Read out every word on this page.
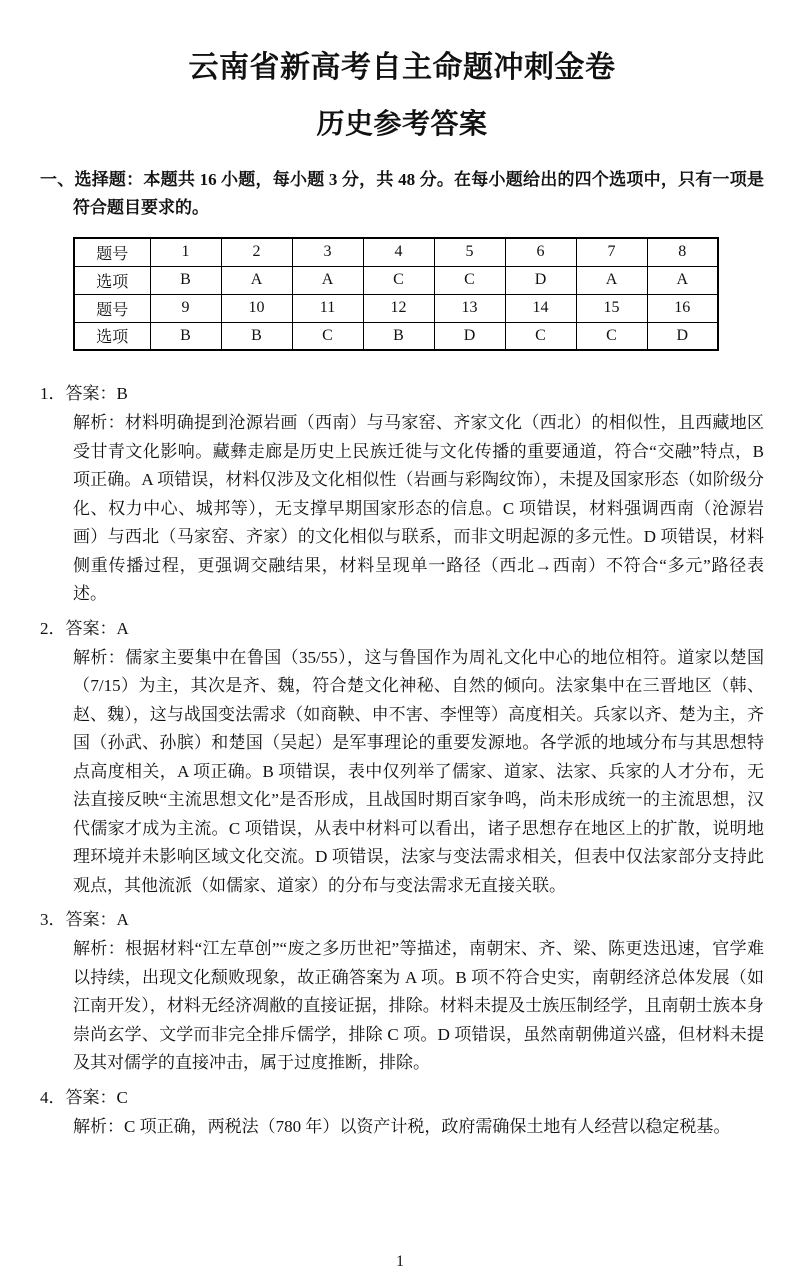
云南省新高考自主命题冲刺金卷
历史参考答案

一、选择题：本题共 16 小题，每小题 3 分，共 48 分。在每小题给出的四个选项中，只有一项是符合题目要求的。

题号	1	2	3	4	5	6	7	8
选项	B	A	A	C	C	D	A	A
题号	9	10	11	12	13	14	15	16
选项	B	B	C	B	D	C	C	D
1．答案：B

解析：材料明确提到沧源岩画（西南）与马家窑、齐家文化（西北）的相似性，且西藏地区受甘青文化影响。藏彝走廊是历史上民族迁徙与文化传播的重要通道，符合“交融”特点，B 项正确。A 项错误，材料仅涉及文化相似性（岩画与彩陶纹饰），未提及国家形态（如阶级分化、权力中心、城邦等），无支撑早期国家形态的信息。C 项错误，材料强调西南（沧源岩画）与西北（马家窑、齐家）的文化相似与联系，而非文明起源的多元性。D 项错误，材料侧重传播过程，更强调交融结果，材料呈现单一路径（西北→西南）不符合“多元”路径表述。

2．答案：A

解析：儒家主要集中在鲁国（35/55），这与鲁国作为周礼文化中心的地位相符。道家以楚国（7/15）为主，其次是齐、魏，符合楚文化神秘、自然的倾向。法家集中在三晋地区（韩、赵、魏），这与战国变法需求（如商鞅、申不害、李悝等）高度相关。兵家以齐、楚为主，齐国（孙武、孙膑）和楚国（吴起）是军事理论的重要发源地。各学派的地域分布与其思想特点高度相关，A 项正确。B 项错误，表中仅列举了儒家、道家、法家、兵家的人才分布，无法直接反映“主流思想文化”是否形成，且战国时期百家争鸣，尚未形成统一的主流思想，汉代儒家才成为主流。C 项错误，从表中材料可以看出，诸子思想存在地区上的扩散，说明地理环境并未影响区域文化交流。D 项错误，法家与变法需求相关，但表中仅法家部分支持此观点，其他流派（如儒家、道家）的分布与变法需求无直接关联。

3．答案：A

解析：根据材料“江左草创”“废之多历世祀”等描述，南朝宋、齐、梁、陈更迭迅速，官学难以持续，出现文化颓败现象，故正确答案为 A 项。B 项不符合史实，南朝经济总体发展（如江南开发），材料无经济凋敝的直接证据，排除。材料未提及士族压制经学，且南朝士族本身崇尚玄学、文学而非完全排斥儒学，排除 C 项。D 项错误，虽然南朝佛道兴盛，但材料未提及其对儒学的直接冲击，属于过度推断，排除。

4．答案：C

解析：C 项正确，两税法（780 年）以资产计税，政府需确保土地有人经营以稳定税基。

1
